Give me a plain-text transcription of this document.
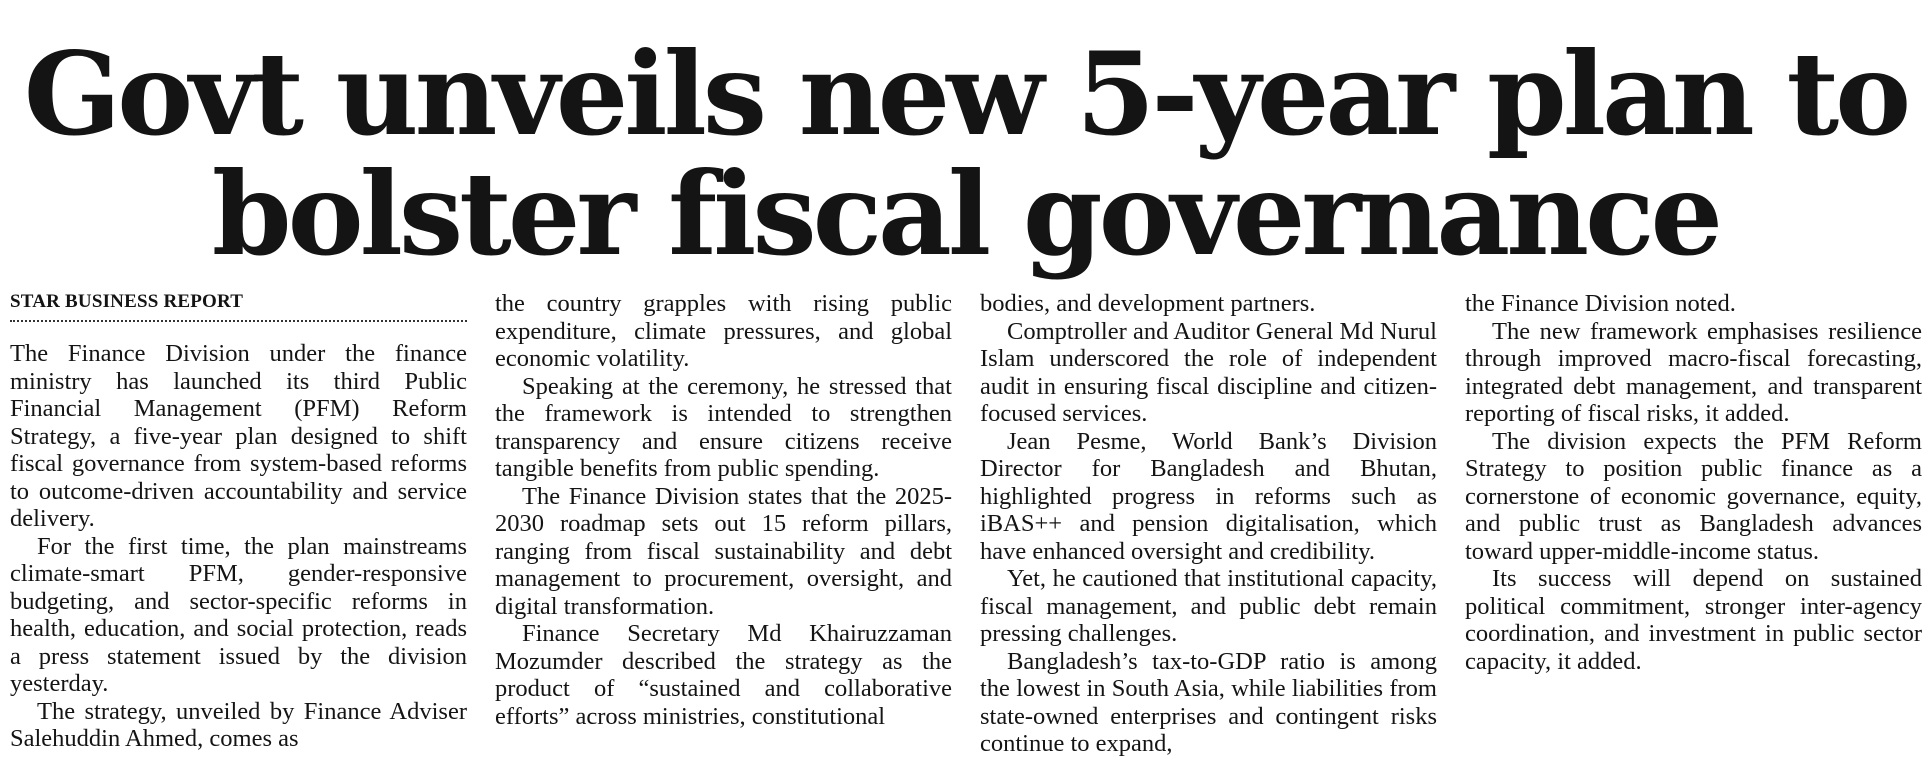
Govt unveils new 5-year plan to
bolster fiscal governance
STAR BUSINESS REPORT

The Finance Division under the finance ministry has launched its third Public Financial Management (PFM) Reform Strategy, a five-year plan designed to shift fiscal governance from system-based reforms to outcome-driven accountability and service delivery.

For the first time, the plan mainstreams climate-smart PFM, gender-responsive budgeting, and sector-specific reforms in health, education, and social protection, reads a press statement issued by the division yesterday.

The strategy, unveiled by Finance Adviser Salehuddin Ahmed, comes as

the country grapples with rising public expenditure, climate pressures, and global economic volatility.

Speaking at the ceremony, he stressed that the framework is intended to strengthen transparency and ensure citizens receive tangible benefits from public spending.

The Finance Division states that the 2025-2030 roadmap sets out 15 reform pillars, ranging from fiscal sustainability and debt management to procurement, oversight, and digital transformation.

Finance Secretary Md Khairuzzaman Mozumder described the strategy as the product of “sustained and collaborative efforts” across ministries, constitutional

bodies, and development partners.

Comptroller and Auditor General Md Nurul Islam underscored the role of independent audit in ensuring fiscal discipline and citizen-focused services.

Jean Pesme, World Bank’s Division Director for Bangladesh and Bhutan, highlighted progress in reforms such as iBAS++ and pension digitalisation, which have enhanced oversight and credibility.

Yet, he cautioned that institutional capacity, fiscal management, and public debt remain pressing challenges.

Bangladesh’s tax-to-GDP ratio is among the lowest in South Asia, while liabilities from state-owned enterprises and contingent risks continue to expand,

the Finance Division noted.

The new framework emphasises resilience through improved macro-fiscal forecasting, integrated debt management, and transparent reporting of fiscal risks, it added.

The division expects the PFM Reform Strategy to position public finance as a cornerstone of economic governance, equity, and public trust as Bangladesh advances toward upper-middle-income status.

Its success will depend on sustained political commitment, stronger inter-agency coordination, and investment in public sector capacity, it added.
